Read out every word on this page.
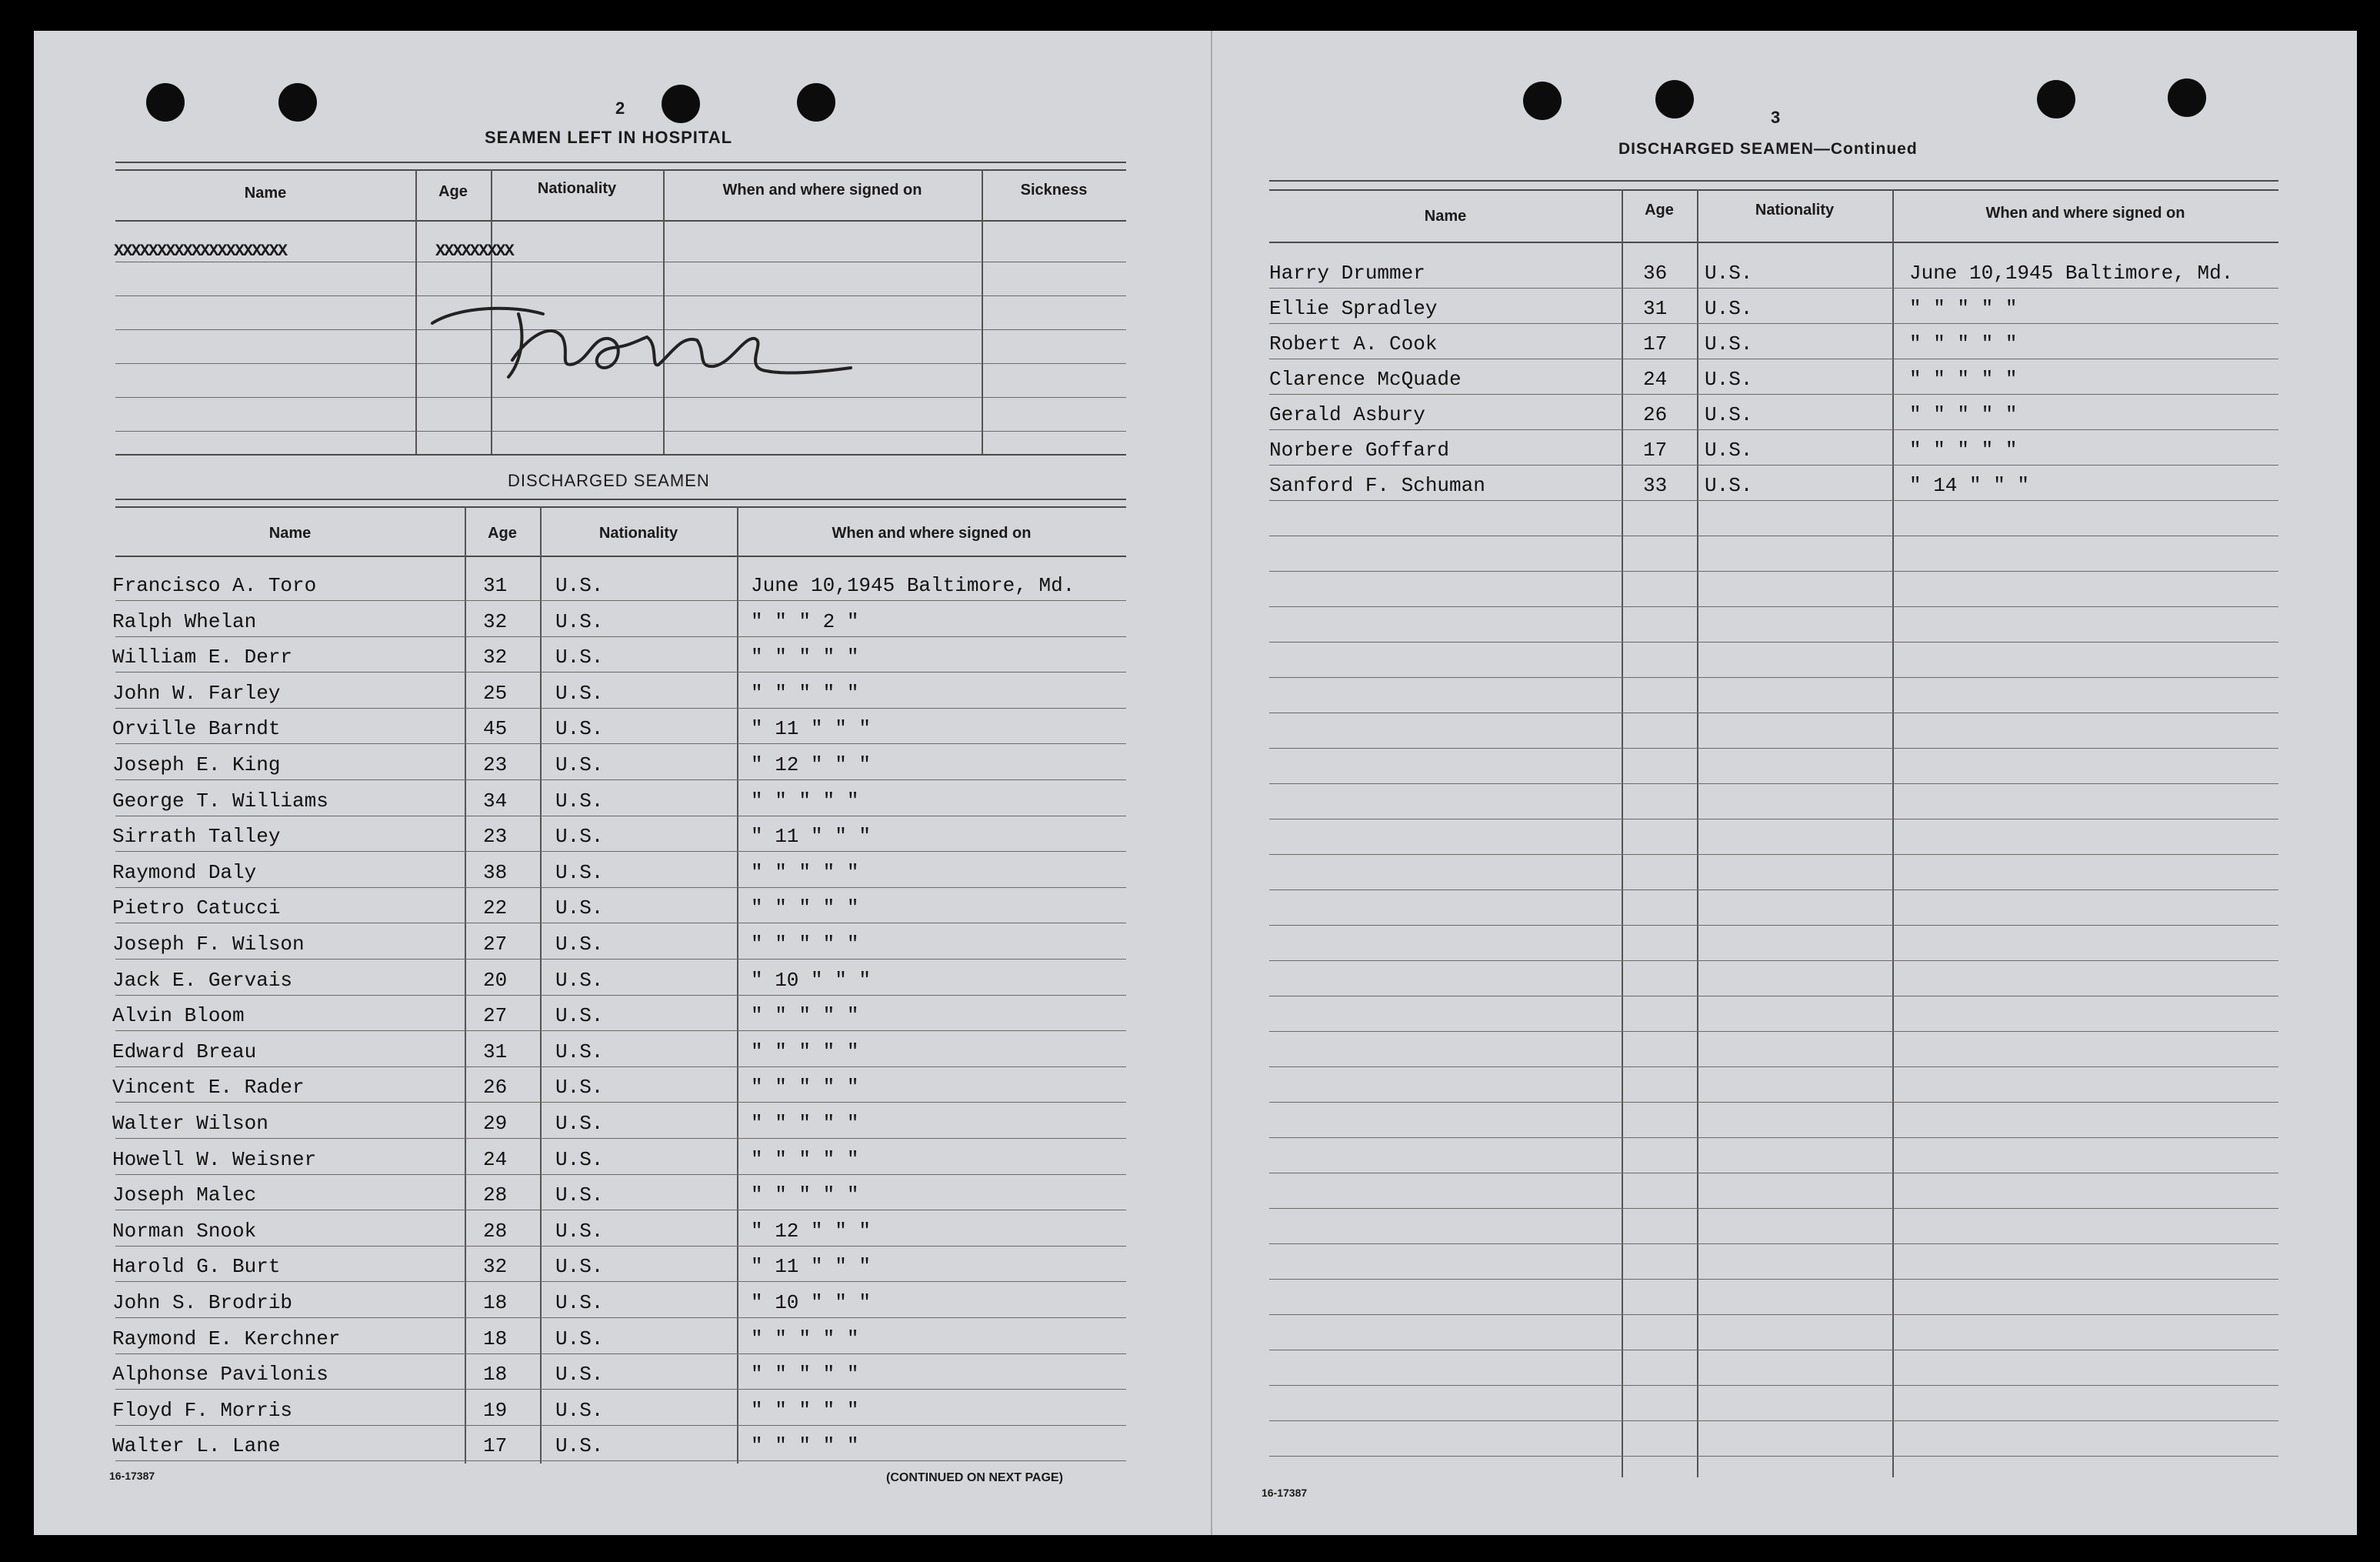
2
SEAMEN LEFT IN HOSPITAL
Name	Age	Nationality	When and where signed on	Sickness
XXXXXXXXXXXXXXXXXXXX	XXXXXXXXX
DISCHARGED SEAMEN
Name	Age	Nationality	When and where signed on
Francisco A. Toro	31 U.S.	June 10,1945 Baltimore, Md.
Ralph Whelan	32 U.S.	" " " 2 "
William E. Derr	32 U.S.	" " " " "
John W. Farley	25 U.S.	" " " " "
Orville Barndt	45 U.S.	" 11 " " "
Joseph E. King	23 U.S.	" 12 " " "
George T. Williams	34 U.S.	" " " " "
Sirrath Talley	23 U.S.	" 11 " " "
Raymond Daly	38 U.S.	" " " " "
Pietro Catucci	22 U.S.	" " " " "
Joseph F. Wilson	27 U.S.	" " " " "
Jack E. Gervais	20 U.S.	" 10 " " "
Alvin Bloom	27 U.S.	" " " " "
Edward Breau	31 U.S.	" " " " "
Vincent E. Rader	26 U.S.	" " " " "
Walter Wilson	29 U.S.	" " " " "
Howell W. Weisner	24 U.S.	" " " " "
Joseph Malec	28 U.S.	" " " " "
Norman Snook	28 U.S.	" 12 " " "
Harold G. Burt	32 U.S.	" 11 " " "
John S. Brodrib	18 U.S.	" 10 " " "
Raymond E. Kerchner	18 U.S.	" " " " "
Alphonse Pavilonis	18 U.S.	" " " " "
Floyd F. Morris	19 U.S.	" " " " "
Walter L. Lane	17 U.S.	" " " " "
16-17387	(CONTINUED ON NEXT PAGE)
3
DISCHARGED SEAMEN—Continued
Name	Age	Nationality	When and where signed on
Harry Drummer	36 U.S.	June 10,1945 Baltimore, Md.
Ellie Spradley	31 U.S.	" " " " "
Robert A. Cook	17 U.S.	" " " " "
Clarence McQuade	24 U.S.	" " " " "
Gerald Asbury	26 U.S.	" " " " "
Norbere Goffard	17 U.S.	" " " " "
Sanford F. Schuman	33 U.S.	" 14 " " "
16-17387
